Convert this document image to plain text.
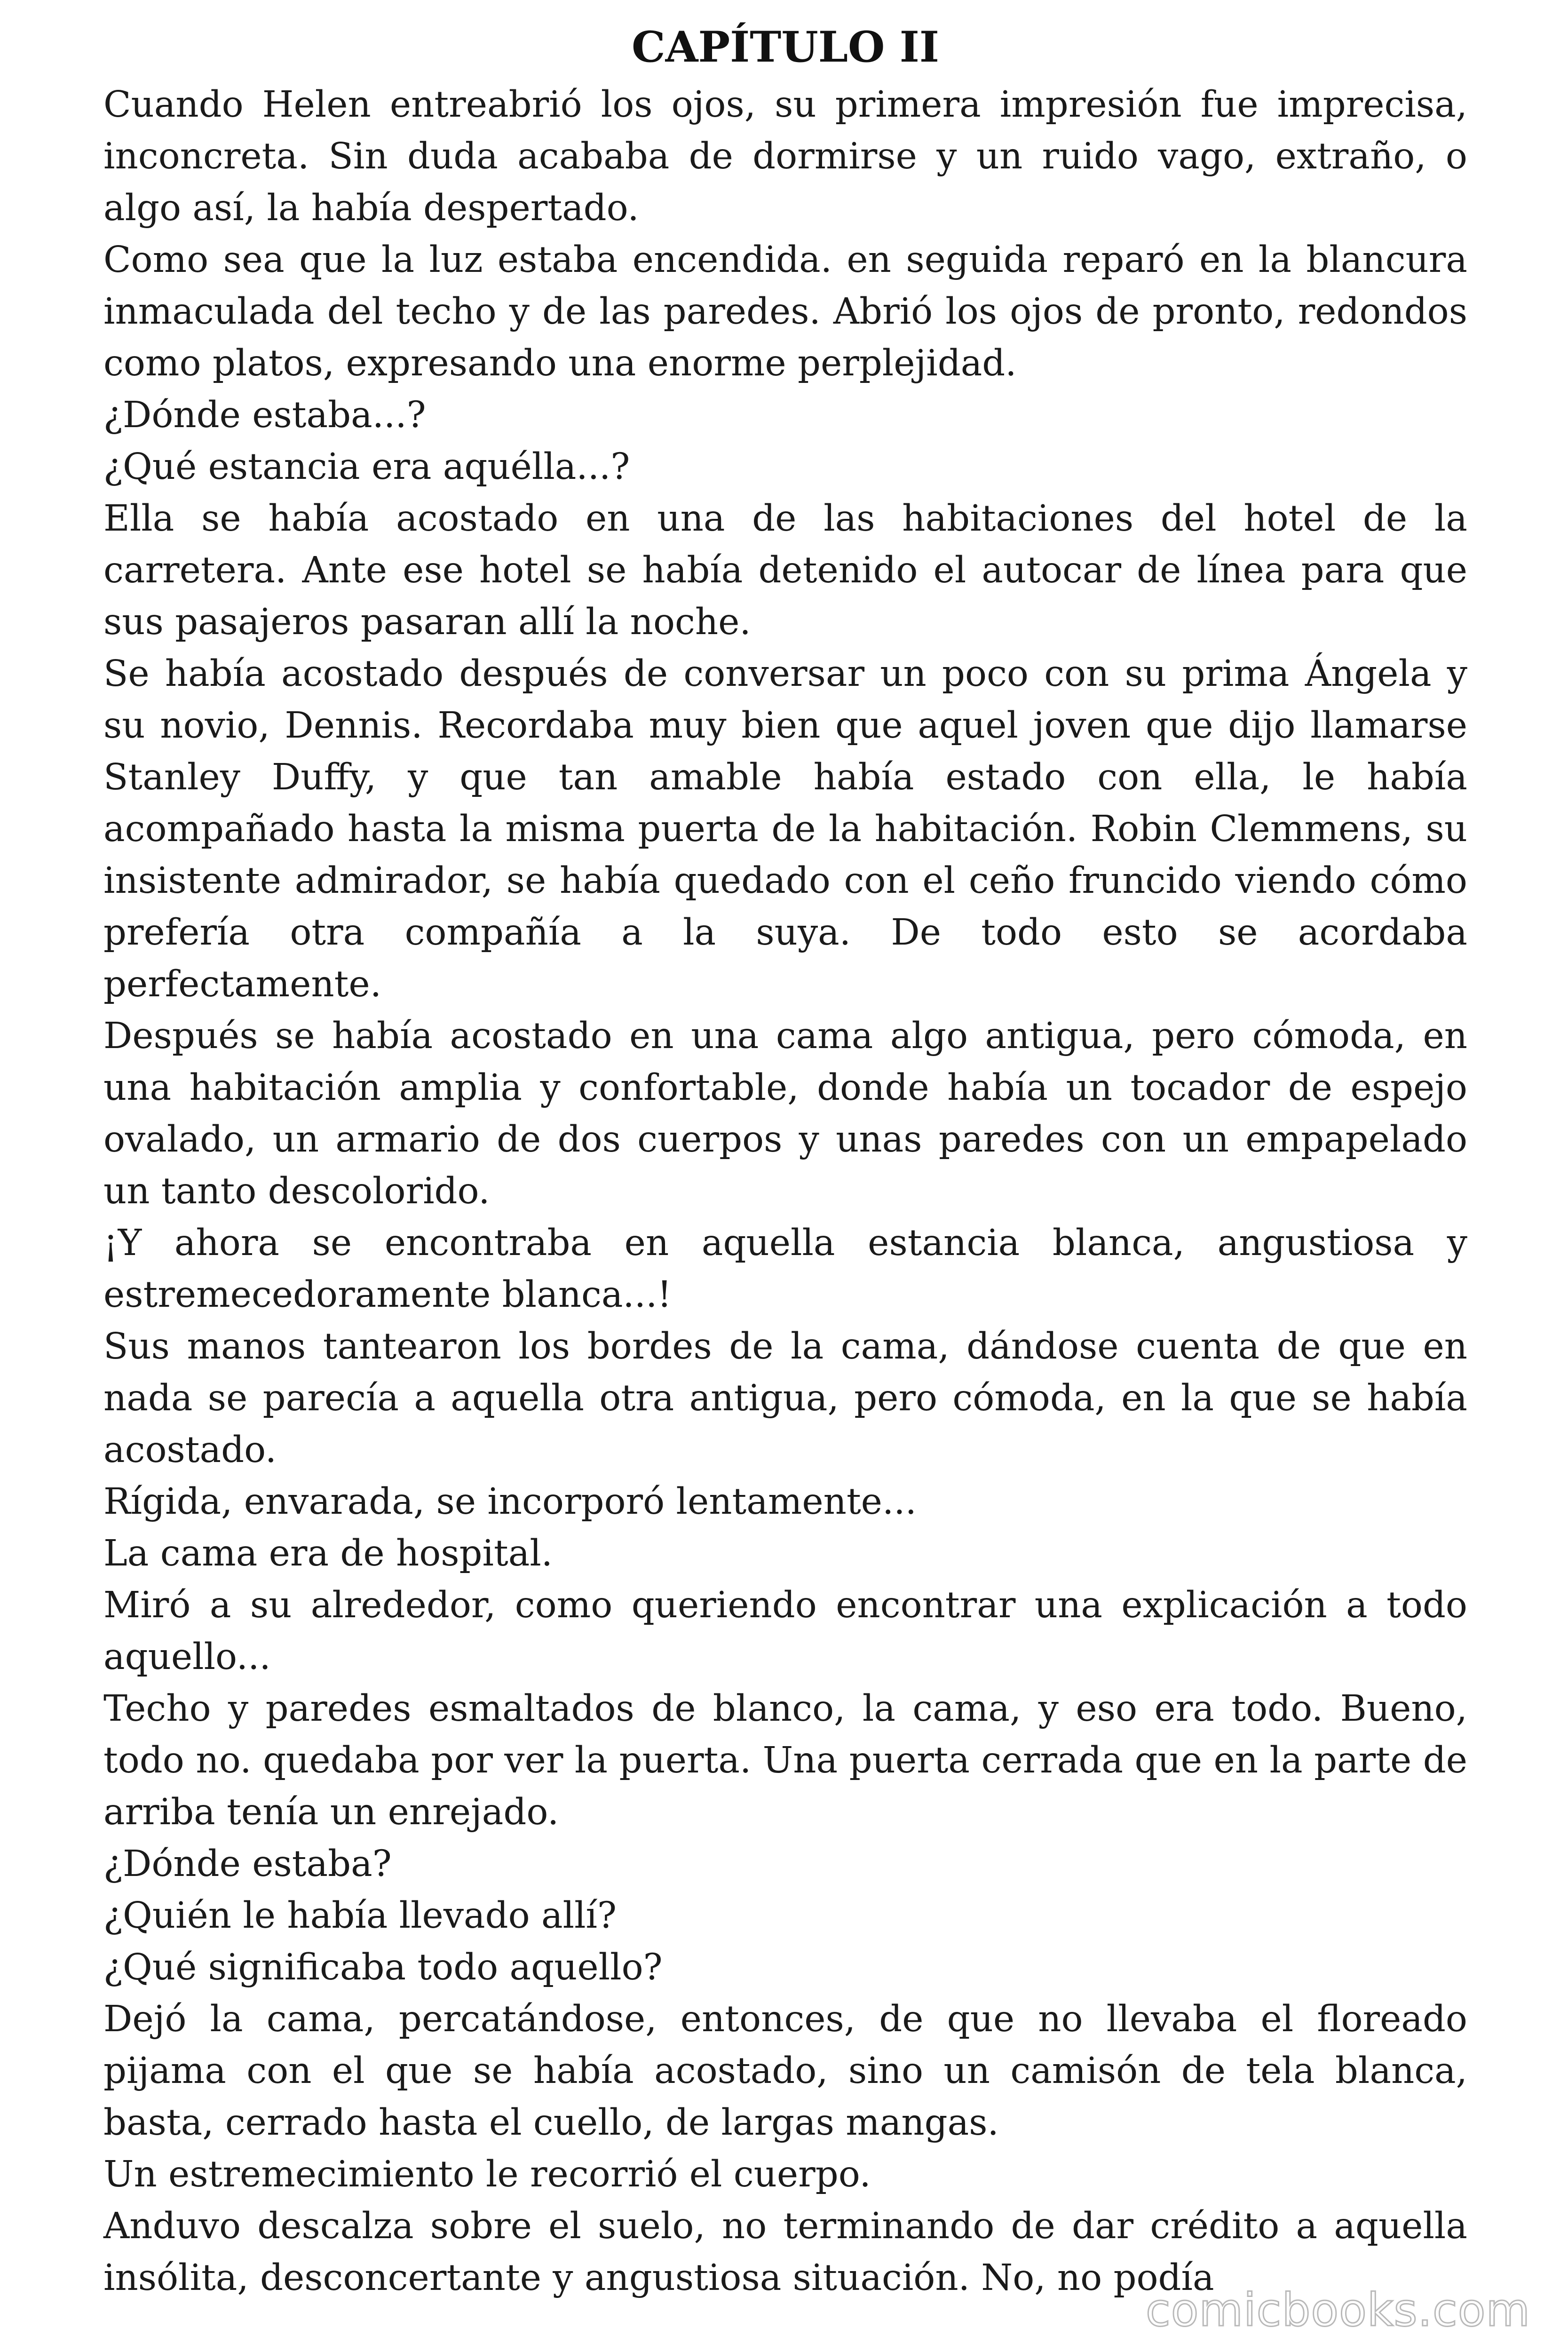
CAPÍTULO II

Cuando Helen entreabrió los ojos, su primera impresión fue imprecisa, inconcreta. Sin duda acababa de dormirse y un ruido vago, extraño, o algo así, la había despertado.

Como sea que la luz estaba encendida. en seguida reparó en la blancura inmaculada del techo y de las paredes. Abrió los ojos de pronto, redondos como platos, expresando una enorme perplejidad.

¿Dónde estaba...?

¿Qué estancia era aquélla...?

Ella se había acostado en una de las habitaciones del hotel de la carretera. Ante ese hotel se había detenido el autocar de línea para que sus pasajeros pasaran allí la noche.

Se había acostado después de conversar un poco con su prima Ángela y su novio, Dennis. Recordaba muy bien que aquel joven que dijo llamarse Stanley Duffy, y que tan amable había estado con ella, le había acompañado hasta la misma puerta de la habitación. Robin Clemmens, su insistente admirador, se había quedado con el ceño fruncido viendo cómo prefería otra compañía a la suya. De todo esto se acordaba perfectamente.

Después se había acostado en una cama algo antigua, pero cómoda, en una habitación amplia y confortable, donde había un tocador de espejo ovalado, un armario de dos cuerpos y unas paredes con un empapelado un tanto descolorido.

¡Y ahora se encontraba en aquella estancia blanca, angustiosa y estremecedoramente blanca...!

Sus manos tantearon los bordes de la cama, dándose cuenta de que en nada se parecía a aquella otra antigua, pero cómoda, en la que se había acostado.

Rígida, envarada, se incorporó lentamente...

La cama era de hospital.

Miró a su alrededor, como queriendo encontrar una explicación a todo aquello...

Techo y paredes esmaltados de blanco, la cama, y eso era todo. Bueno, todo no. quedaba por ver la puerta. Una puerta cerrada que en la parte de arriba tenía un enrejado.

¿Dónde estaba?

¿Quién le había llevado allí?

¿Qué significaba todo aquello?

Dejó la cama, percatándose, entonces, de que no llevaba el floreado pijama con el que se había acostado, sino un camisón de tela blanca, basta, cerrado hasta el cuello, de largas mangas.

Un estremecimiento le recorrió el cuerpo.

Anduvo descalza sobre el suelo, no terminando de dar crédito a aquella insólita, desconcertante y angustiosa situación. No, no podía

comicbooks.com
